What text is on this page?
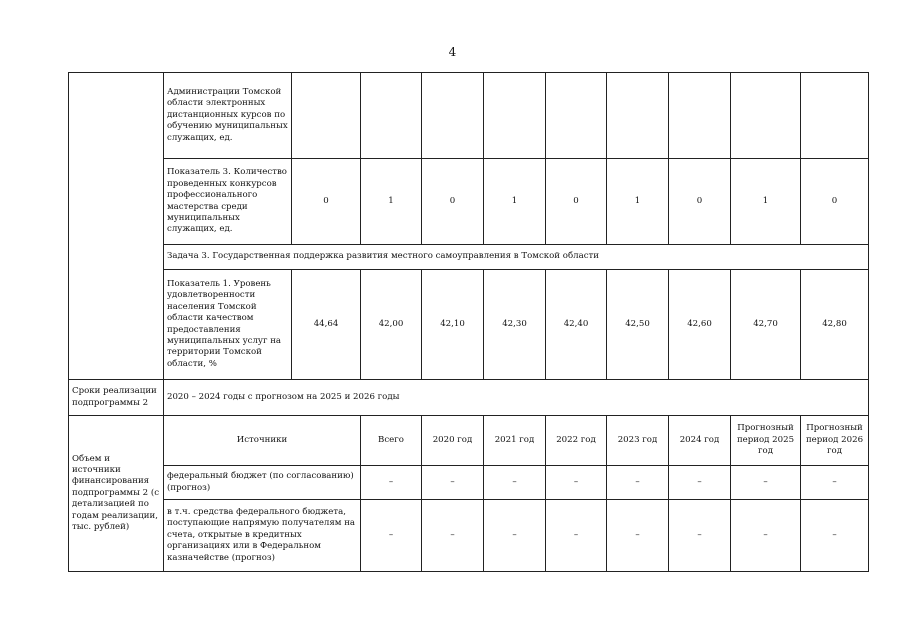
4
	Администрации Томской области электронных дистанционных курсов по обучению муниципальных служащих, ед.									
	Показатель 3. Количество проведенных конкурсов профессионального мастерства среди муниципальных служащих, ед.	0	1	0	1	0	1	0	1	0
	Задача 3. Государственная поддержка развития местного самоуправления в Томской области									
	Показатель 1. Уровень удовлетворенности населения Томской области качеством предоставления муниципальных услуг на территории Томской области, %	44,64	42,00	42,10	42,30	42,40	42,50	42,60	42,70	42,80
Сроки реализации подпрограммы 2	2020 – 2024 годы с прогнозом на 2025 и 2026 годы									
Объем и источники финансирования подпрограммы 2 (с детализацией по годам реализации, тыс. рублей)	Источники		Всего	2020 год	2021 год	2022 год	2023 год	2024 год	Прогнозный период 2025 год	Прогнозный период 2026 год
	федеральный бюджет (по согласованию) (прогноз)		–	–	–	–	–	–	–	–
	в т.ч. средства федерального бюджета, поступающие напрямую получателям на счета, открытые в кредитных организациях или в Федеральном казначействе (прогноз)		–	–	–	–	–	–	–	–
